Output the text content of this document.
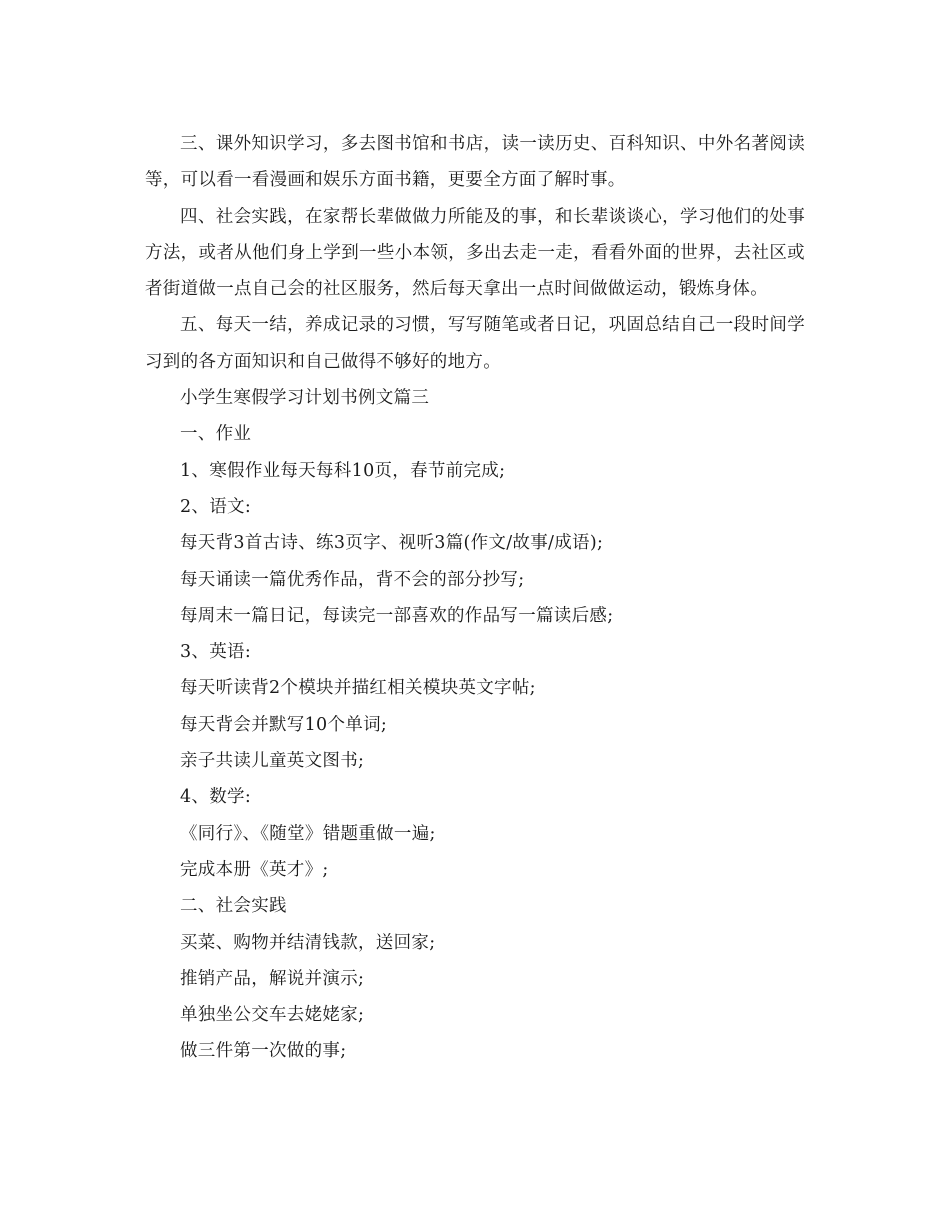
三、课外知识学习，多去图书馆和书店，读一读历史、百科知识、中外名著阅读等，可以看一看漫画和娱乐方面书籍，更要全方面了解时事。

四、社会实践，在家帮长辈做做力所能及的事，和长辈谈谈心，学习他们的处事方法，或者从他们身上学到一些小本领，多出去走一走，看看外面的世界，去社区或者街道做一点自己会的社区服务，然后每天拿出一点时间做做运动，锻炼身体。

五、每天一结，养成记录的习惯，写写随笔或者日记，巩固总结自己一段时间学习到的各方面知识和自己做得不够好的地方。

小学生寒假学习计划书例文篇三

一、作业

1、寒假作业每天每科10页，春节前完成;

2、语文:

每天背3首古诗、练3页字、视听3篇(作文/故事/成语);

每天诵读一篇优秀作品，背不会的部分抄写;

每周末一篇日记，每读完一部喜欢的作品写一篇读后感;

3、英语:

每天听读背2个模块并描红相关模块英文字帖;

每天背会并默写10个单词;

亲子共读儿童英文图书;

4、数学:

《同行》、《随堂》错题重做一遍;

完成本册《英才》;

二、社会实践

买菜、购物并结清钱款，送回家;

推销产品，解说并演示;

单独坐公交车去姥姥家;

做三件第一次做的事;
